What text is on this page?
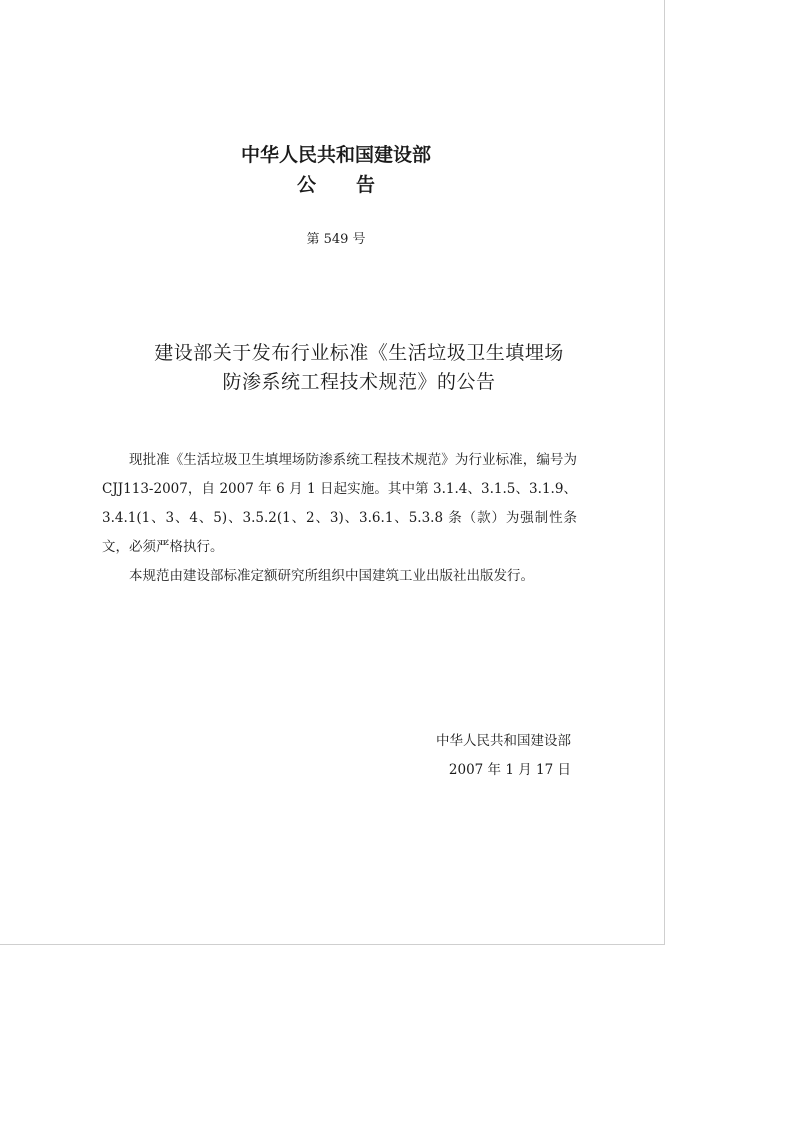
中华人民共和国建设部
公告
第 549 号
建设部关于发布行业标准《生活垃圾卫生填埋场
防渗系统工程技术规范》的公告

现批准《生活垃圾卫生填埋场防渗系统工程技术规范》为行业标准，编号为 CJJ113-2007，自 2007 年 6 月 1 日起实施。其中第 3.1.4、3.1.5、3.1.9、3.4.1(1、3、4、5)、3.5.2(1、2、3)、3.6.1、5.3.8 条（款）为强制性条文，必须严格执行。

本规范由建设部标准定额研究所组织中国建筑工业出版社出版发行。

中华人民共和国建设部
2007 年 1 月 17 日
